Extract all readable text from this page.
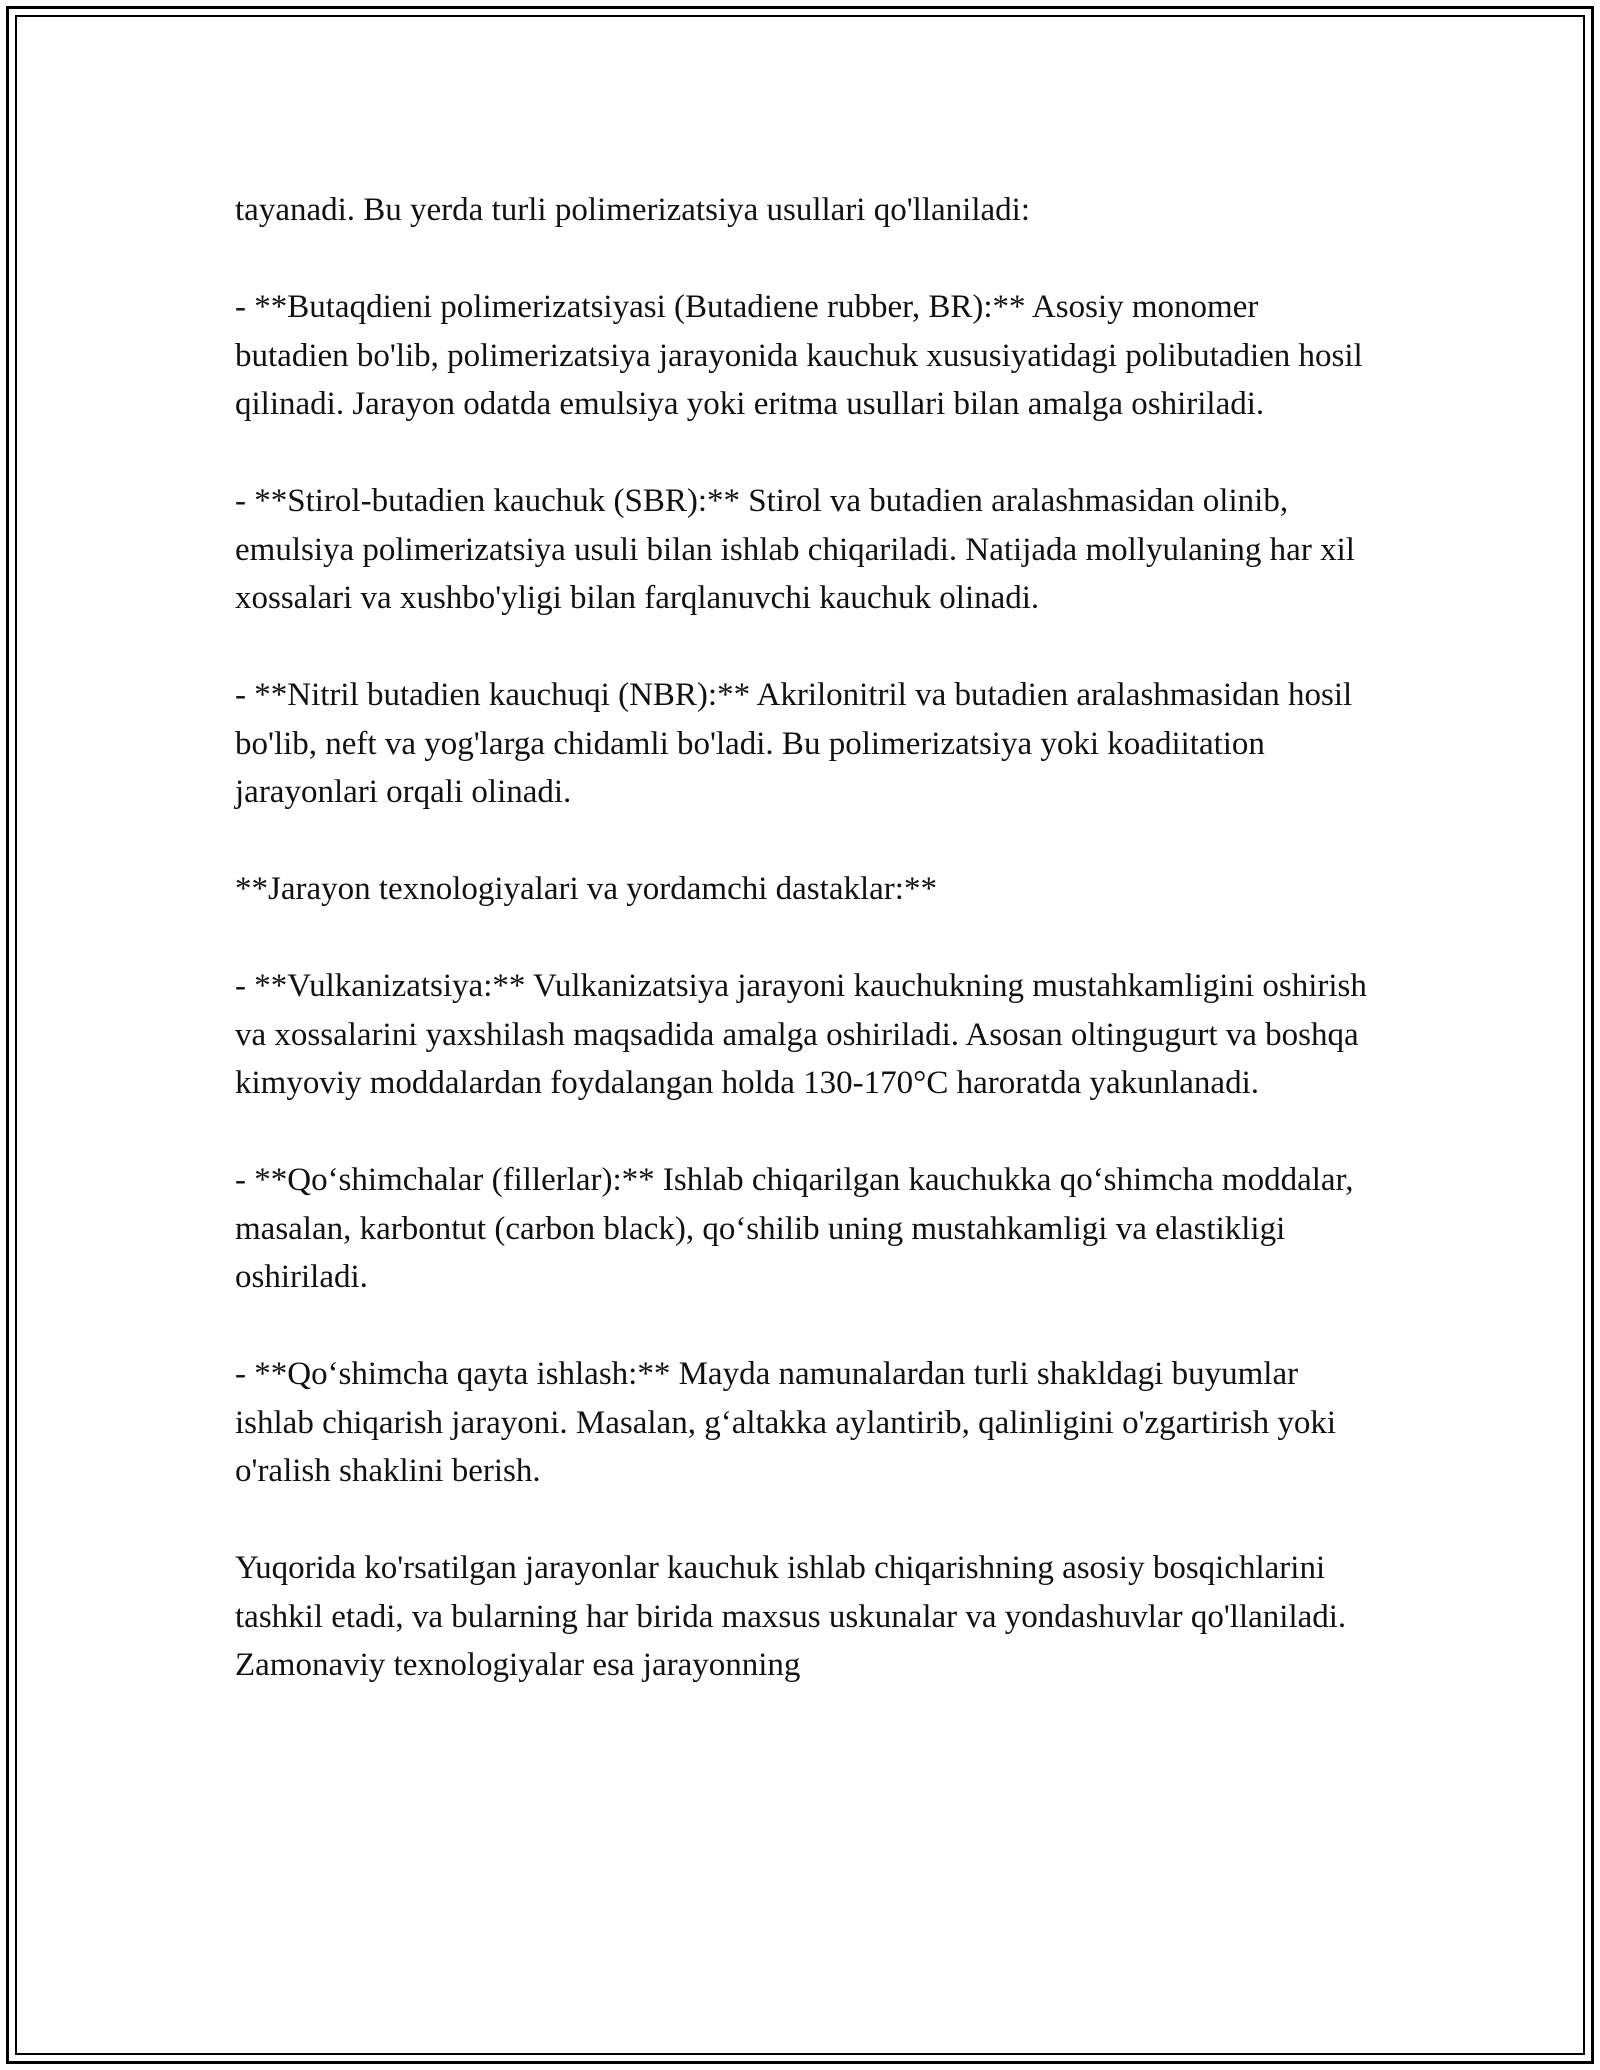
tayanadi. Bu yerda turli polimerizatsiya usullari qo'llaniladi:

- **Butaqdieni polimerizatsiyasi (Butadiene rubber, BR):** Asosiy monomer butadien bo'lib, polimerizatsiya jarayonida kauchuk xususiyatidagi polibutadien hosil qilinadi. Jarayon odatda emulsiya yoki eritma usullari bilan amalga oshiriladi.

- **Stirol-butadien kauchuk (SBR):** Stirol va butadien aralashmasidan olinib, emulsiya polimerizatsiya usuli bilan ishlab chiqariladi. Natijada mollyulaning har xil xossalari va xushbo'yligi bilan farqlanuvchi kauchuk olinadi.

- **Nitril butadien kauchuqi (NBR):** Akrilonitril va butadien aralashmasidan hosil bo'lib, neft va yog'larga chidamli bo'ladi. Bu polimerizatsiya yoki koadiitation jarayonlari orqali olinadi.

**Jarayon texnologiyalari va yordamchi dastaklar:**

- **Vulkanizatsiya:** Vulkanizatsiya jarayoni kauchukning mustahkamligini oshirish va xossalarini yaxshilash maqsadida amalga oshiriladi. Asosan oltingugurt va boshqa kimyoviy moddalardan foydalangan holda 130-170°C haroratda yakunlanadi.

- **Qo‘shimchalar (fillerlar):** Ishlab chiqarilgan kauchukka qo‘shimcha moddalar, masalan, karbontut (carbon black), qo‘shilib uning mustahkamligi va elastikligi oshiriladi.

- **Qo‘shimcha qayta ishlash:** Mayda namunalardan turli shakldagi buyumlar ishlab chiqarish jarayoni. Masalan, g‘altakka aylantirib, qalinligini o'zgartirish yoki o'ralish shaklini berish.

Yuqorida ko'rsatilgan jarayonlar kauchuk ishlab chiqarishning asosiy bosqichlarini tashkil etadi, va bularning har birida maxsus uskunalar va yondashuvlar qo'llaniladi. Zamonaviy texnologiyalar esa jarayonning
